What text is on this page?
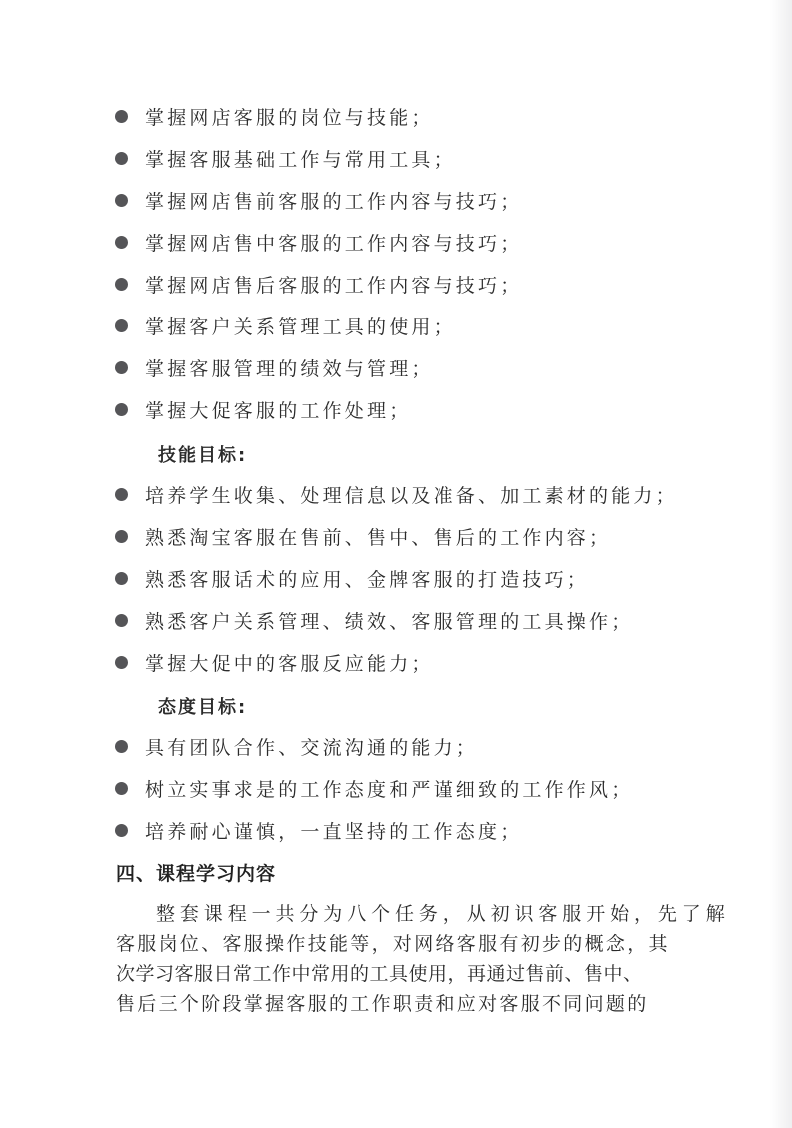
掌握网店客服的岗位与技能；
掌握客服基础工作与常用工具；
掌握网店售前客服的工作内容与技巧；
掌握网店售中客服的工作内容与技巧；
掌握网店售后客服的工作内容与技巧；
掌握客户关系管理工具的使用；
掌握客服管理的绩效与管理；
掌握大促客服的工作处理；
技能目标:
培养学生收集、处理信息以及准备、加工素材的能力；
熟悉淘宝客服在售前、售中、售后的工作内容；
熟悉客服话术的应用、金牌客服的打造技巧；
熟悉客户关系管理、绩效、客服管理的工具操作；
掌握大促中的客服反应能力；
态度目标:
具有团队合作、交流沟通的能力；
树立实事求是的工作态度和严谨细致的工作作风；
培养耐心谨慎，一直坚持的工作态度；
四、课程学习内容
整套课程一共分为八个任务，从初识客服开始，先了解
客服岗位、客服操作技能等，对网络客服有初步的概念，其
次学习客服日常工作中常用的工具使用，再通过售前、售中、
售后三个阶段掌握客服的工作职责和应对客服不同问题的
